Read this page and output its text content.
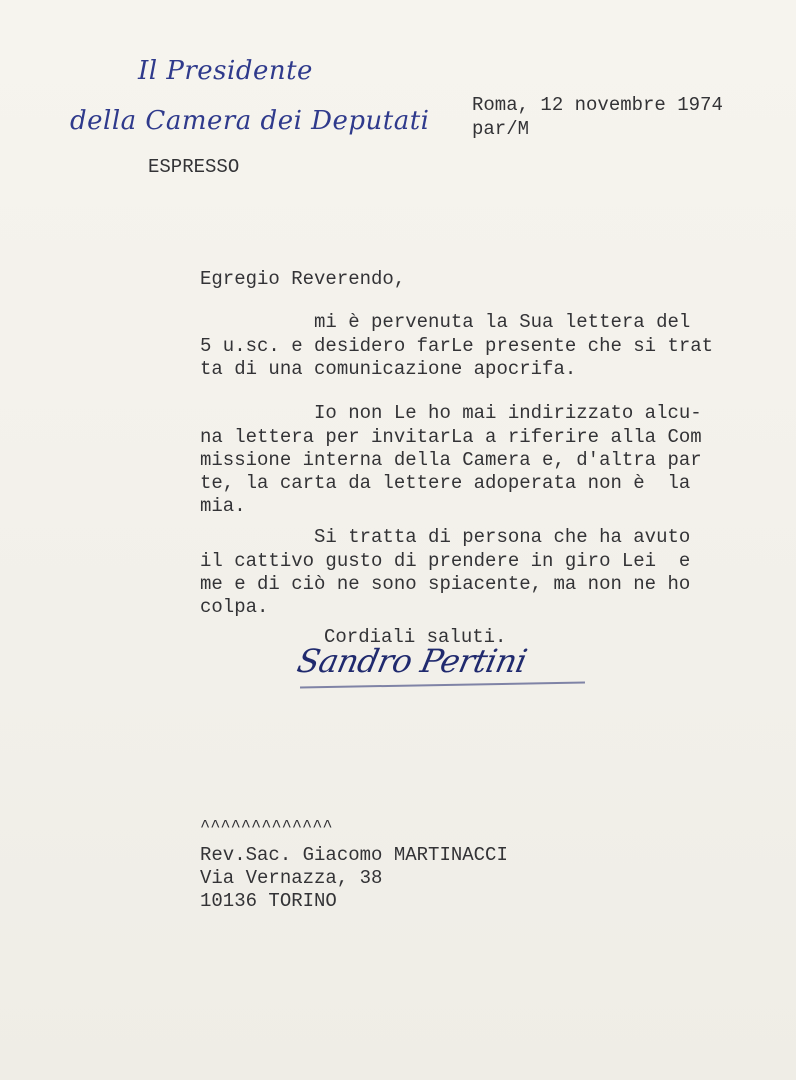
Il Presidente
della Camera dei Deputati
ESPRESSO
Roma, 12 novembre 1974
par/M
Egregio Reverendo,
mi è pervenuta la Sua lettera del
5 u.sc. e desidero farLe presente che si trat
ta di una comunicazione apocrifa.
Io non Le ho mai indirizzato alcu-
na lettera per invitarLa a riferire alla Com
missione interna della Camera e, d'altra par
te, la carta da lettere adoperata non è  la
mia.
Si tratta di persona che ha avuto
il cattivo gusto di prendere in giro Lei  e
me e di ciò ne sono spiacente, ma non ne ho
colpa.
Cordiali saluti.
Sandro Pertini
^^^^^^^^^^^^^
Rev.Sac. Giacomo MARTINACCI
Via Vernazza, 38
10136 TORINO
